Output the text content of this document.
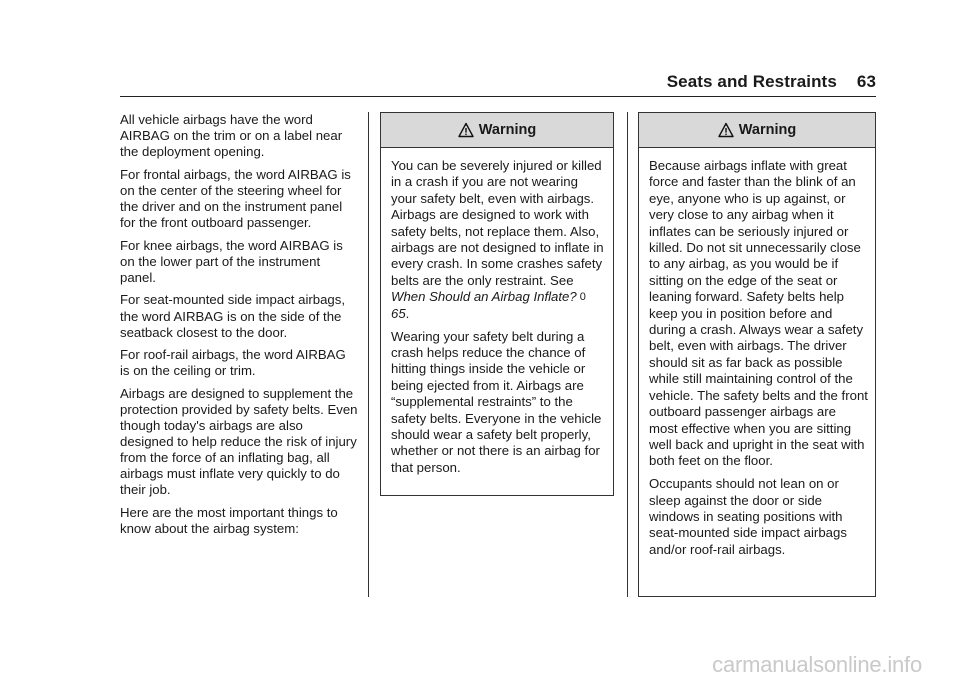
Seats and Restraints 63

All vehicle airbags have the word AIRBAG on the trim or on a label near the deployment opening.

For frontal airbags, the word AIRBAG is on the center of the steering wheel for the driver and on the instrument panel for the front outboard passenger.

For knee airbags, the word AIRBAG is on the lower part of the instrument panel.

For seat-mounted side impact airbags, the word AIRBAG is on the side of the seatback closest to the door.

For roof-rail airbags, the word AIRBAG is on the ceiling or trim.

Airbags are designed to supplement the protection provided by safety belts. Even though today's airbags are also designed to help reduce the risk of injury from the force of an inflating bag, all airbags must inflate very quickly to do their job.

Here are the most important things to know about the airbag system:

Warning

You can be severely injured or killed in a crash if you are not wearing your safety belt, even with airbags. Airbags are designed to work with safety belts, not replace them. Also, airbags are not designed to inflate in every crash. In some crashes safety belts are the only restraint. See When Should an Airbag Inflate? 065.

Wearing your safety belt during a crash helps reduce the chance of hitting things inside the vehicle or being ejected from it. Airbags are “supplemental restraints” to the safety belts. Everyone in the vehicle should wear a safety belt properly, whether or not there is an airbag for that person.

Warning

Because airbags inflate with great force and faster than the blink of an eye, anyone who is up against, or very close to any airbag when it inflates can be seriously injured or killed. Do not sit unnecessarily close to any airbag, as you would be if sitting on the edge of the seat or leaning forward. Safety belts help keep you in position before and during a crash. Always wear a safety belt, even with airbags. The driver should sit as far back as possible while still maintaining control of the vehicle. The safety belts and the front outboard passenger airbags are most effective when you are sitting well back and upright in the seat with both feet on the floor.

Occupants should not lean on or sleep against the door or side windows in seating positions with seat-mounted side impact airbags and/or roof-rail airbags.

carmanualsonline.info
